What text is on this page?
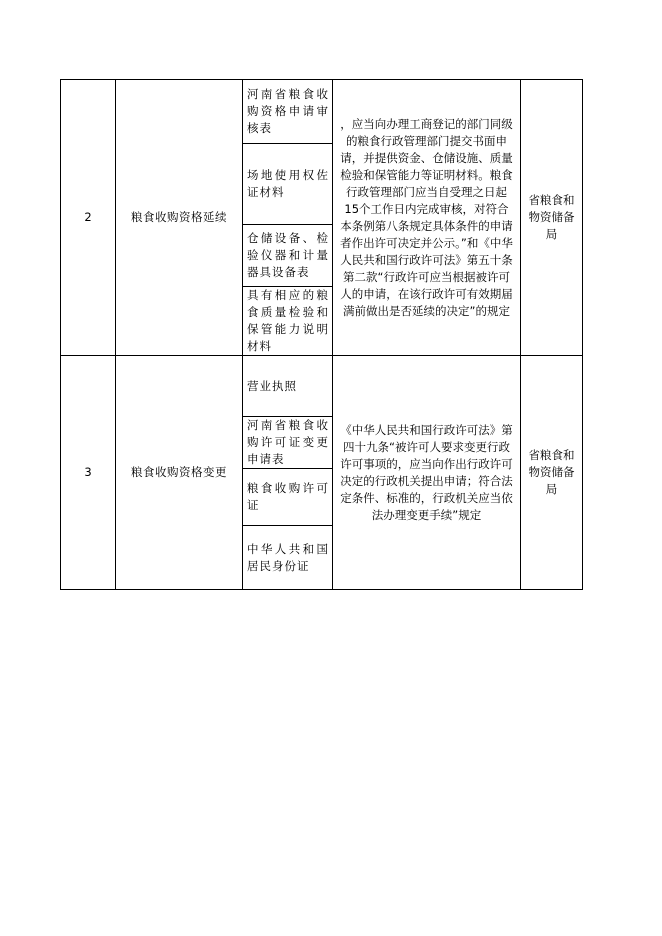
2	粮食收购资格延续	河南省粮食收购资格申请审核表	，应当向办理工商登记的部门同级的粮食行政管理部门提交书面申请，并提供资金、仓储设施、质量检验和保管能力等证明材料。粮食行政管理部门应当自受理之日起15个工作日内完成审核，对符合本条例第八条规定具体条件的申请者作出许可决定并公示。”和《中华人民共和国行政许可法》第五十条第二款“行政许可应当根据被许可人的申请，在该行政许可有效期届满前做出是否延续的决定”的规定	省粮食和物资储备局
		场地使用权佐证材料		
		仓储设备、检验仪器和计量器具设备表		
		具有相应的粮食质量检验和保管能力说明材料		
3	粮食收购资格变更	营业执照	《中华人民共和国行政许可法》第四十九条“被许可人要求变更行政许可事项的，应当向作出行政许可决定的行政机关提出申请；符合法定条件、标准的，行政机关应当依法办理变更手续”规定	省粮食和物资储备局
		河南省粮食收购许可证变更申请表		
		粮食收购许可证		
		中华人共和国居民身份证		
